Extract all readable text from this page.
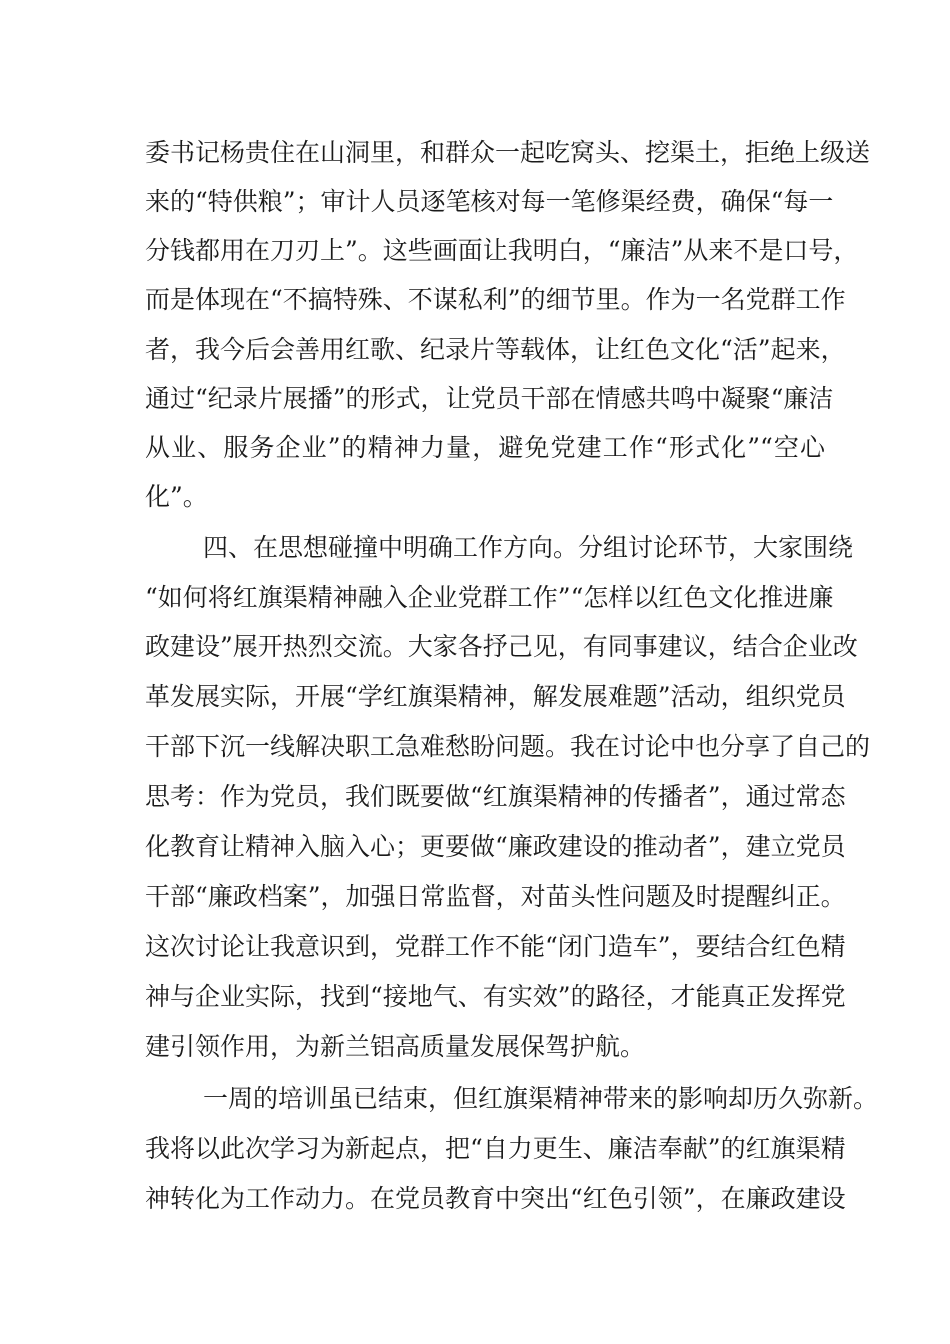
委书记杨贵住在山洞里，和群众一起吃窝头、挖渠土，拒绝上级送

来的“特供粮”；审计人员逐笔核对每一笔修渠经费，确保“每一

分钱都用在刀刃上”。这些画面让我明白，“廉洁”从来不是口号，

而是体现在“不搞特殊、不谋私利”的细节里。作为一名党群工作

者，我今后会善用红歌、纪录片等载体，让红色文化“活”起来，

通过“纪录片展播”的形式，让党员干部在情感共鸣中凝聚“廉洁

从业、服务企业”的精神力量，避免党建工作“形式化”“空心

化”。

四、在思想碰撞中明确工作方向。分组讨论环节，大家围绕

“如何将红旗渠精神融入企业党群工作”“怎样以红色文化推进廉

政建设”展开热烈交流。大家各抒己见，有同事建议，结合企业改

革发展实际，开展“学红旗渠精神，解发展难题”活动，组织党员

干部下沉一线解决职工急难愁盼问题。我在讨论中也分享了自己的

思考：作为党员，我们既要做“红旗渠精神的传播者”，通过常态

化教育让精神入脑入心；更要做“廉政建设的推动者”，建立党员

干部“廉政档案”，加强日常监督，对苗头性问题及时提醒纠正。

这次讨论让我意识到，党群工作不能“闭门造车”，要结合红色精

神与企业实际，找到“接地气、有实效”的路径，才能真正发挥党

建引领作用，为新兰铝高质量发展保驾护航。

一周的培训虽已结束，但红旗渠精神带来的影响却历久弥新。

我将以此次学习为新起点，把“自力更生、廉洁奉献”的红旗渠精

神转化为工作动力。在党员教育中突出“红色引领”，在廉政建设
